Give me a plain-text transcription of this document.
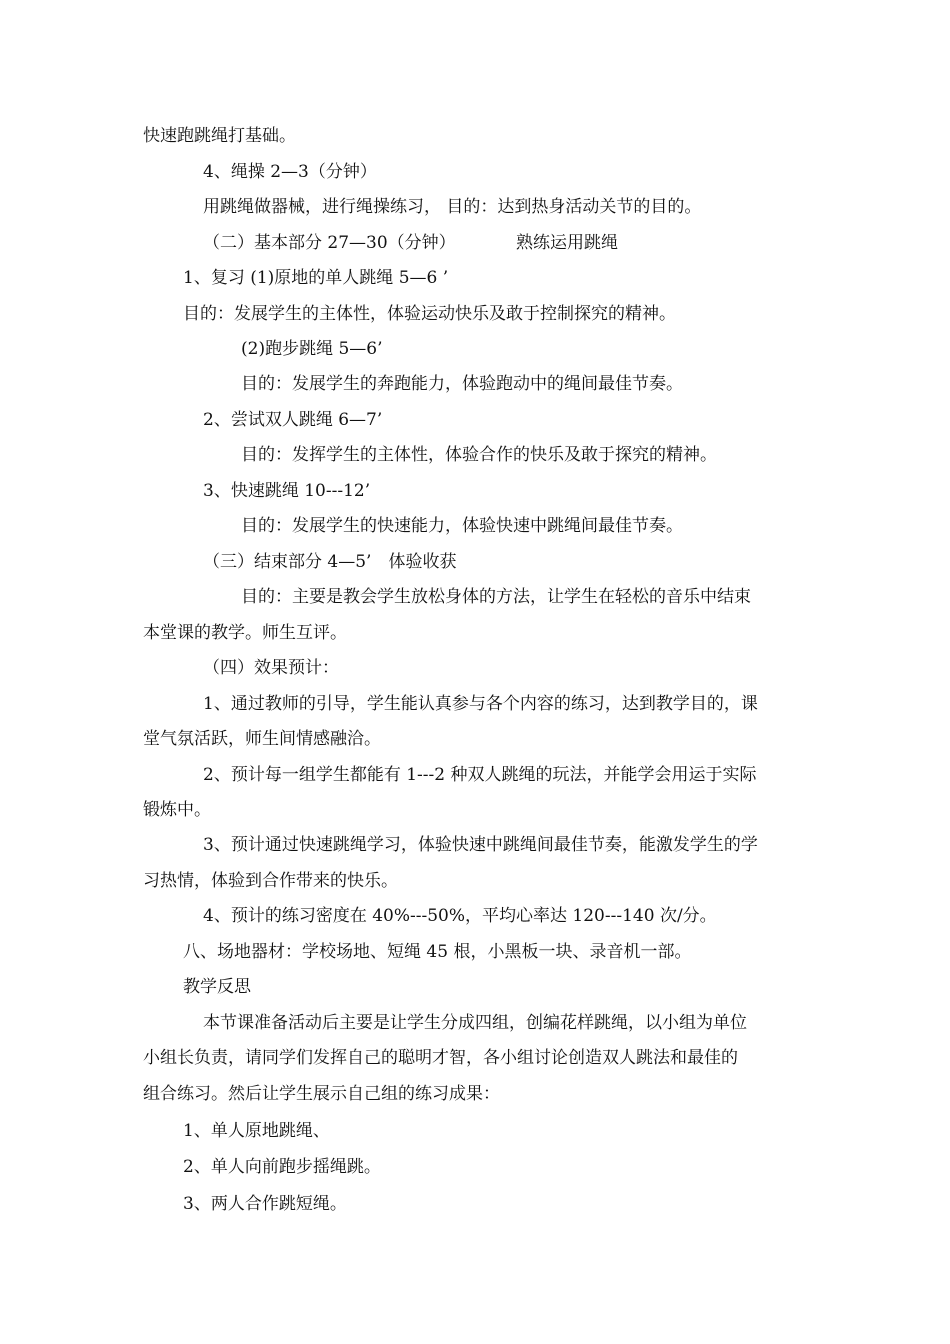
快速跑跳绳打基础。
4、绳操 2—3（分钟）
用跳绳做器械，进行绳操练习， 目的：达到热身活动关节的目的。
（二）基本部分 27—30（分钟）	熟练运用跳绳
1、复习 (1)原地的单人跳绳 5—6 ’
目的：发展学生的主体性，体验运动快乐及敢于控制探究的精神。
(2)跑步跳绳 5—6’
目的：发展学生的奔跑能力，体验跑动中的绳间最佳节奏。
2、尝试双人跳绳 6—7’
目的：发挥学生的主体性，体验合作的快乐及敢于探究的精神。
3、快速跳绳 10---12’
目的：发展学生的快速能力，体验快速中跳绳间最佳节奏。
（三）结束部分 4—5’　体验收获
目的：主要是教会学生放松身体的方法，让学生在轻松的音乐中结束
本堂课的教学。师生互评。
（四）效果预计：
1、通过教师的引导，学生能认真参与各个内容的练习，达到教学目的，课
堂气氛活跃，师生间情感融洽。
2、预计每一组学生都能有 1---2 种双人跳绳的玩法，并能学会用运于实际
锻炼中。
3、预计通过快速跳绳学习，体验快速中跳绳间最佳节奏，能激发学生的学
习热情，体验到合作带来的快乐。
4、预计的练习密度在 40%---50%，平均心率达 120---140 次/分。
八、场地器材：学校场地、短绳 45 根，小黑板一块、录音机一部。
教学反思
本节课准备活动后主要是让学生分成四组，创编花样跳绳，以小组为单位
小组长负责，请同学们发挥自己的聪明才智，各小组讨论创造双人跳法和最佳的
组合练习。然后让学生展示自己组的练习成果：
1、单人原地跳绳、
2、单人向前跑步摇绳跳。
3、两人合作跳短绳。
